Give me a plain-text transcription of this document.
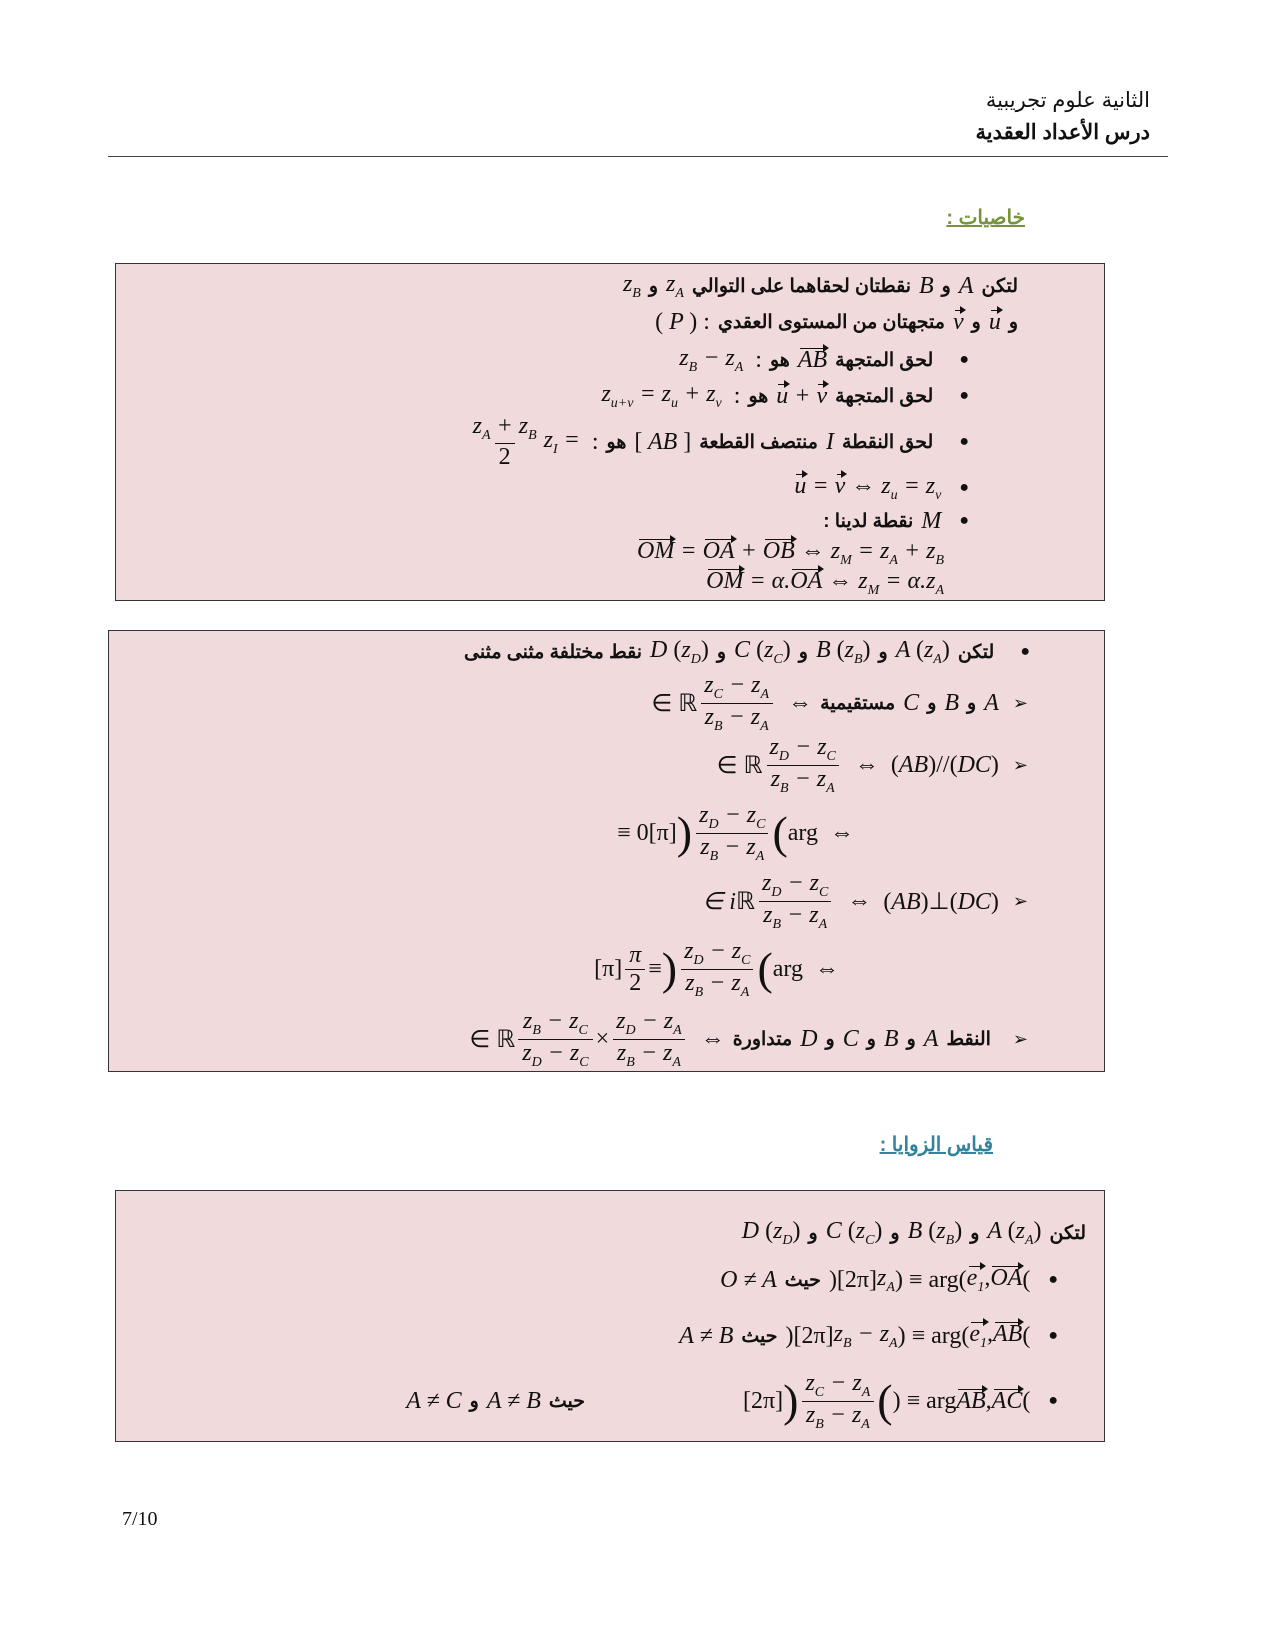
الثانية علوم تجريبية
درس الأعداد العقدية
خاصيات :
لتكن
A
و
B
نقطتان لحقاهما على التوالي
$z_A$
و
$z_B$
و
u
و
v
متجهتان من المستوى العقدي
( P ) :
●
لحق المتجهة
AB
هو
:
$z_B - z_A$
●
لحق المتجهة
u + v
هو
:
$z_{u+v} = z_u + z_v$
●
لحق النقطة
I
منتصف القطعة
[ AB ]
هو
:
$z_I$ =
$\frac{z_A + z_B}{2}$
●
u = v ⇔ $z_u = z_v$
●
M
نقطة لدينا :
OM = OA + OB ⇔ $z_M = z_A + z_B$
OM = α.OA ⇔ $z_M = \alpha.z_A$
●
لتكن
A $(z_A)$
و
B $(z_B)$
و
C $(z_C)$
و
D $(z_D)$
نقط مختلفة مثنى مثنى
➢
A
و
B
و
C
مستقيمية
⇔
$\frac{z_C - z_A}{z_B - z_A}$
∈ ℝ
➢
(AB)//(DC)
⇔
$\frac{z_D - z_C}{z_B - z_A}$
∈ ℝ
⇔
arg
(
$\frac{z_D - z_C}{z_B - z_A}$
)
≡ 0[π]
➢
(AB)⊥(DC)
⇔
$\frac{z_D - z_C}{z_B - z_A}$
∈ iℝ
⇔
arg
(
$\frac{z_D - z_C}{z_B - z_A}$
)
≡
$\frac{\pi}{2}$
[π]
➢
النقط
A
و
B
و
C
و
D
متداورة
⇔
$\frac{z_D - z_A}{z_B - z_A}$
×
$\frac{z_B - z_C}{z_D - z_C}$
∈ ℝ
قياس الزوايا :
لتكن
A $(z_A)$
و
B $(z_B)$
و
C $(z_C)$
و
D $(z_D)$
●
(
$e_1,OA$
) ≡ arg(
$z_A$
)[2π]
حيث
O ≠ A
●
(
$e_1,AB$
) ≡ arg(
$z_B - z_A$
)[2π]
حيث
A ≠ B
●
(
AB,AC
) ≡ arg
(
$\frac{z_C - z_A}{z_B - z_A}$
)
[2π]
حيث
A ≠ B
و
A ≠ C
7/10
